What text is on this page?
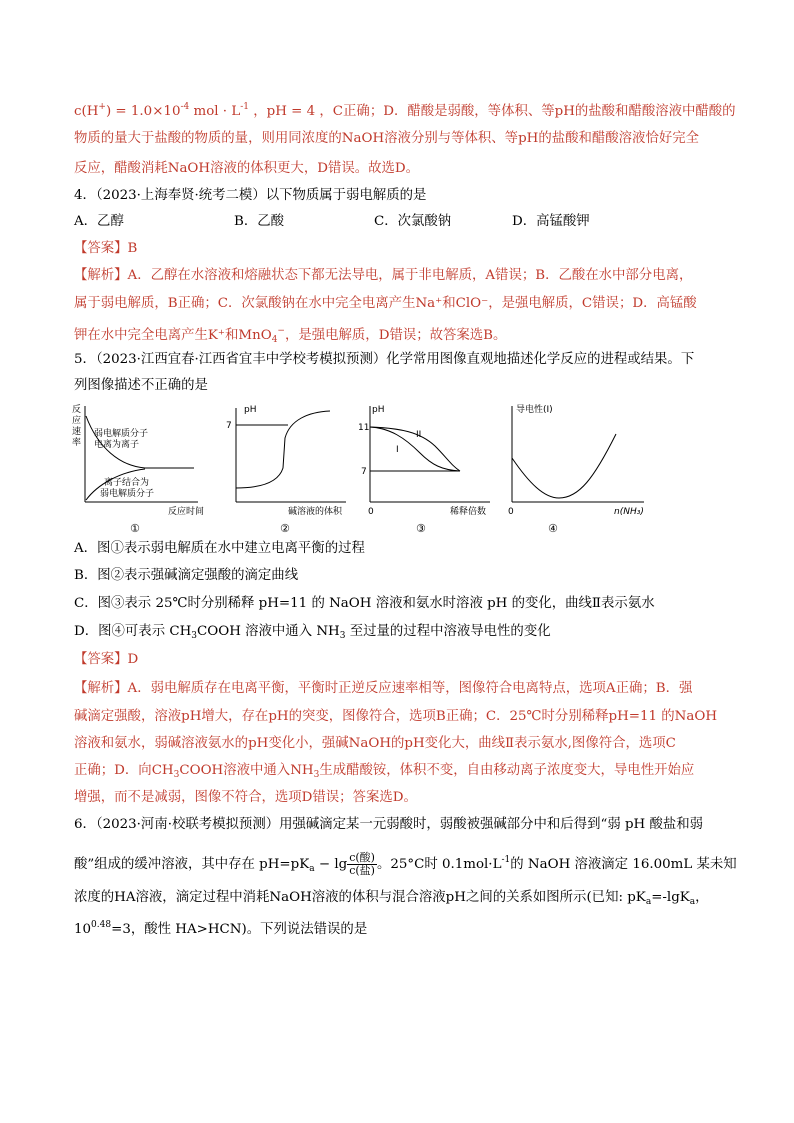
$c(H^+) = 1.0\times 10^{-4}$ mol · $L^{-1}$ ，pH = 4 ，C正确；D．醋酸是弱酸，等体积、等pH的盐酸和醋酸溶液中醋酸的
物质的量大于盐酸的物质的量，则用同浓度的NaOH溶液分别与等体积、等pH的盐酸和醋酸溶液恰好完全
反应，醋酸消耗NaOH溶液的体积更大，D错误。故选D。
4．（2023·上海奉贤·统考二模）以下物质属于弱电解质的是
A．乙醇	B．乙酸	C．次氯酸钠	D．高锰酸钾
【答案】B
【解析】A．乙醇在水溶液和熔融状态下都无法导电，属于非电解质，A错误；B．乙酸在水中部分电离，
属于弱电解质，B正确；C．次氯酸钠在水中完全电离产生Na⁺和ClO⁻，是强电解质，C错误；D．高锰酸
钾在水中完全电离产生K⁺和MnO$_4$−，是强电解质，D错误；故答案选B。
5．（2023·江西宜春·江西省宜丰中学校考模拟预测）化学常用图像直观地描述化学反应的进程或结果。下
列图像描述不正确的是
反
应
速
率
弱电解质分子
电离为离子
离子结合为
弱电解质分子
反应时间
①
pH
7
碱溶液的体积
②
pH
11
7
0
I
II
稀释倍数
③
导电性(I)
0	n(NH₃)
④
A．图①表示弱电解质在水中建立电离平衡的过程
B．图②表示强碱滴定强酸的滴定曲线
C．图③表示 25℃时分别稀释 pH=11 的 NaOH 溶液和氨水时溶液 pH 的变化，曲线Ⅱ表示氨水
D．图④可表示 $CH_3COOH$ 溶液中通入 $NH_3$ 至过量的过程中溶液导电性的变化
【答案】D
【解析】A．弱电解质存在电离平衡，平衡时正逆反应速率相等，图像符合电离特点，选项A正确；B．强
碱滴定强酸，溶液pH增大，存在pH的突变，图像符合，选项B正确；C．25℃时分别稀释pH=11 的NaOH
溶液和氨水，弱碱溶液氨水的pH变化小，强碱NaOH的pH变化大，曲线Ⅱ表示氨水,图像符合，选项C
正确；D．向$CH_3COOH$溶液中通入$NH_3$生成醋酸铵，体积不变，自由移动离子浓度变大，导电性开始应
增强，而不是减弱，图像不符合，选项D错误；答案选D。
6．（2023·河南·校联考模拟预测）用强碱滴定某一元弱酸时，弱酸被强碱部分中和后得到“弱 pH 酸盐和弱
酸”组成的缓冲溶液，其中存在 $pH=pK_a - \lg \frac{\text{c(酸)}}{\text{c(盐)}}$ 。25°C时 $0.1mol\cdot L^{-1}$的 NaOH 溶液滴定 16.00mL 某未知
浓度的HA溶液，滴定过程中消耗NaOH溶液的体积与混合溶液pH之间的关系如图所示(已知: $pK_a=-\lg K_a$，
$10^{0.48}=3$，酸性 HA>HCN)。下列说法错误的是
